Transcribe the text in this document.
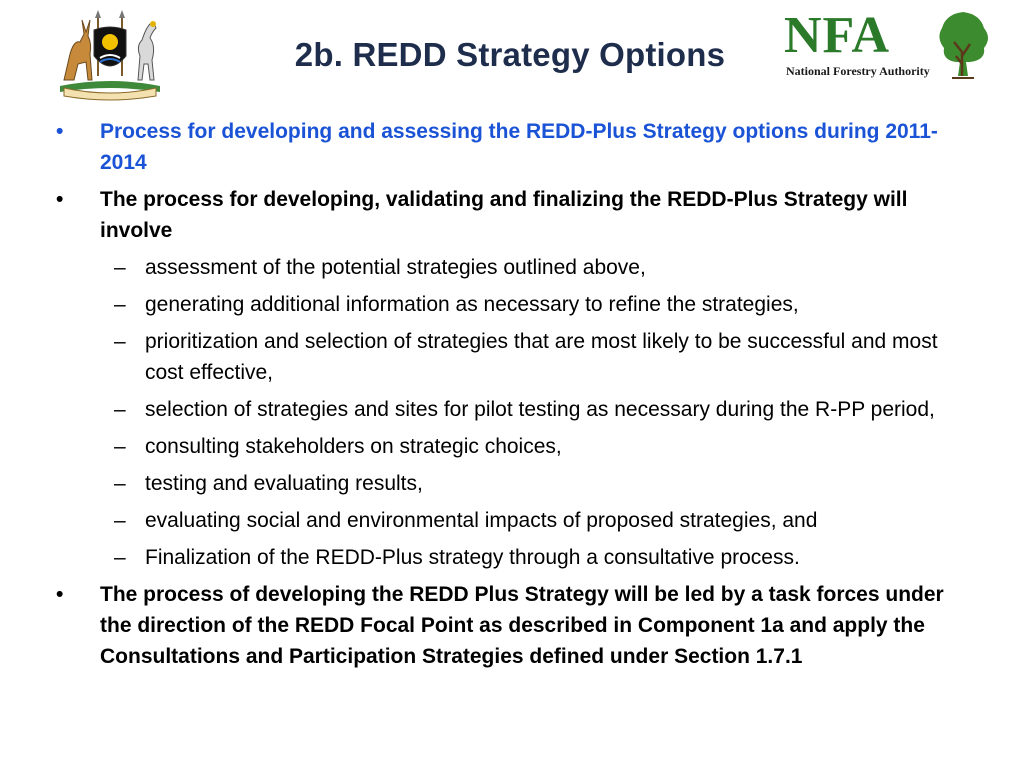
2b. REDD Strategy Options	NFA
National Forestry Authority
•	Process for developing and assessing the REDD-Plus Strategy options during 2011-2014
•	The process for developing, validating and finalizing the REDD-Plus Strategy will involve
– assessment of the potential strategies outlined above,
– generating additional information as necessary to refine the strategies,
– prioritization and selection of strategies that are most likely to be successful and most cost effective,
– selection of strategies and sites for pilot testing as necessary during the R-PP period,
– consulting stakeholders on strategic choices,
– testing and evaluating results,
– evaluating social and environmental impacts of proposed strategies, and
– Finalization of the REDD-Plus strategy through a consultative process.
•	The process of developing the REDD Plus Strategy will be led by a task forces under the direction of the REDD Focal Point as described in Component 1a and apply the Consultations and Participation Strategies defined under Section 1.7.1
